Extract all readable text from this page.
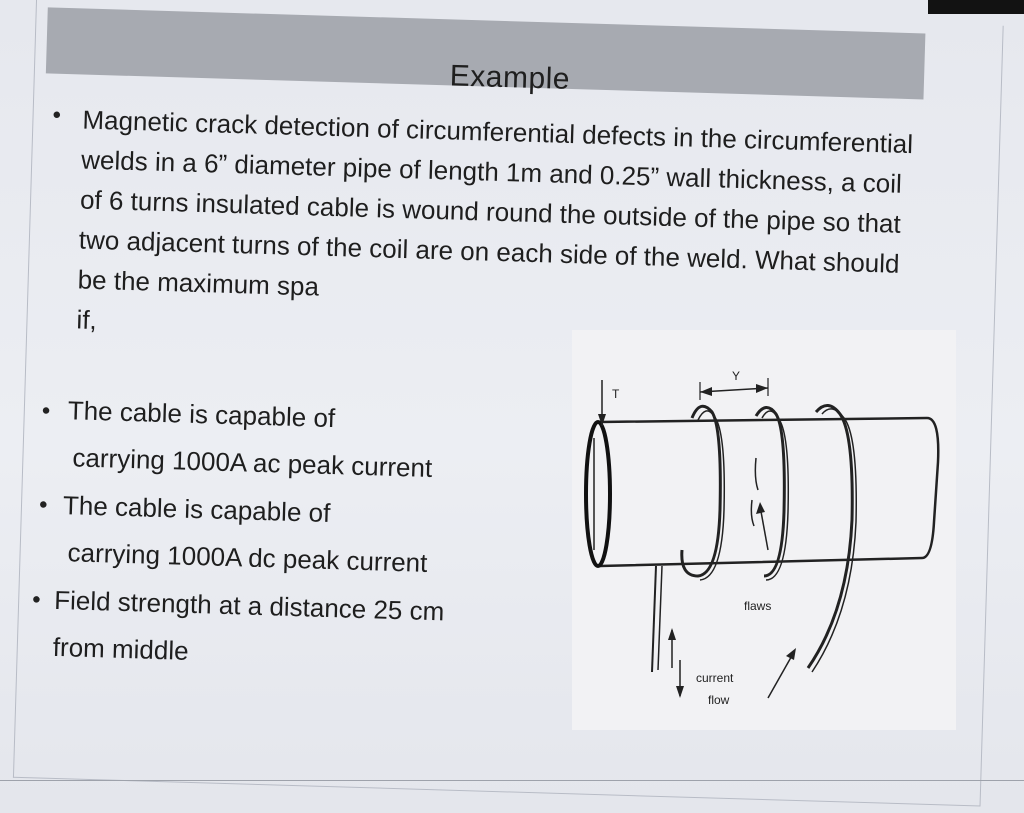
Example
• Magnetic crack detection of circumferential defects in the circumferential welds in a 6” diameter pipe of length 1m and 0.25” wall thickness, a coil of 6 turns insulated cable is wound round the outside of the pipe so that two adjacent turns of the coil are on each side of the weld. What should be the maximum spa
if,

• The cable is capable of
carrying 1000A ac peak current

• The cable is capable of
carrying 1000A dc peak current

• Field strength at a distance 25 cm
from middle

Y
T
flaws
current
flow
